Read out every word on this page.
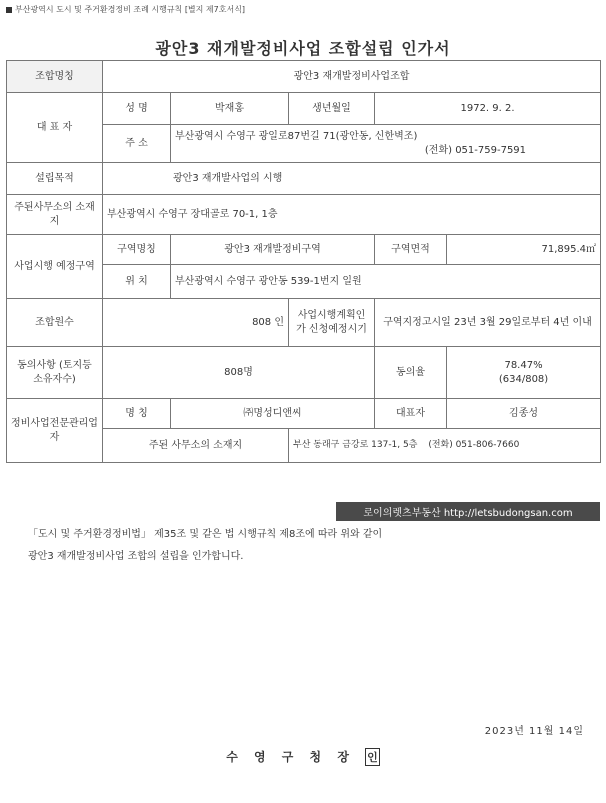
부산광역시 도시 및 주거환경정비 조례 시행규칙 [별지 제7호서식]
광안3 재개발정비사업 조합설립 인가서
조합명칭	광안3 재개발정비사업조합				
대 표 자	성 명	박재홍	생년월일	1972. 9. 2.	
	주 소	부산광역시 수영구 광일로87번길 71(광안동, 신한벽조)
(전화) 051-759-7591			

설립목적	광안3 재개발사업의 시행				
주된사무소의 소재지	부산광역시 수영구 장대골로 70-1, 1층				
사업시행 예정구역	구역명칭	광안3 재개발정비구역		구역면적	71,895.4㎡
	위 치	부산광역시 수영구 광안동 539-1번지 일원			
조합원수	808 인		사업시행계획인가 신청예정시기	구역지정고시일 23년 3월 29일로부터 4년 이내	
동의사항 (토지등 소유자수)	808명			동의율	78.47%
(634/808)

정비사업전문관리업자	명 칭	㈜명성디앤씨		대표자	김종성
	주된 사무소의 소재지		부산 동래구 금강로 137-1, 5층 (전화) 051-806-7660		
로이의렛츠부동산 http://letsbudongsan.com
「도시 및 주거환경정비법」 제35조 및 같은 법 시행규칙 제8조에 따라 위와 같이
광안3 재개발정비사업 조합의 설립을 인가합니다.
2023년 11월 14일
수 영 구 청 장 인
